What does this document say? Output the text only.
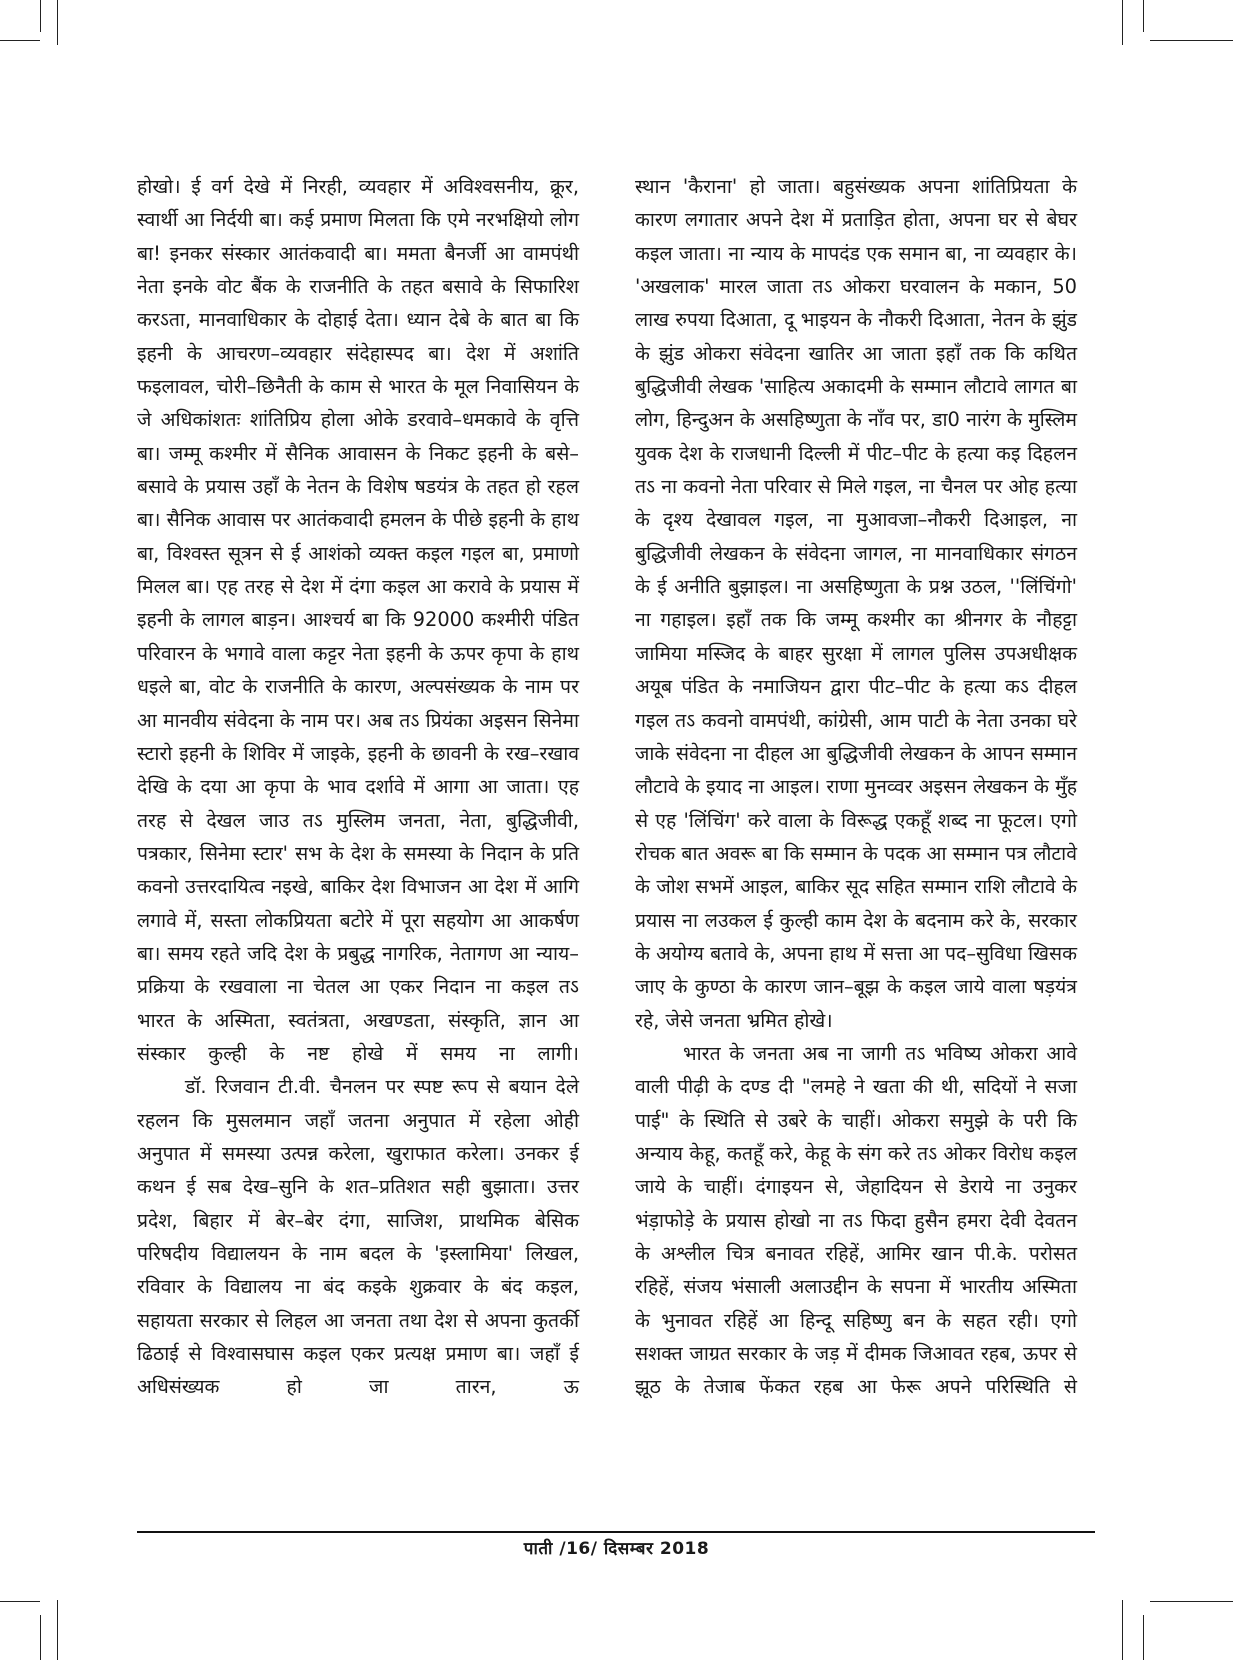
होखो। ई वर्ग देखे में निरही, व्यवहार में अविश्वसनीय, क्रूर, स्वार्थी आ निर्दयी बा। कई प्रमाण मिलता कि एमे नरभक्षियो लोग बा! इनकर संस्कार आतंकवादी बा। ममता बैनर्जी आ वामपंथी नेता इनके वोट बैंक के राजनीति के तहत बसावे के सिफारिश करऽता, मानवाधिकार के दोहाई देता। ध्यान देबे के बात बा कि इहनी के आचरण–व्यवहार संदेहास्पद बा। देश में अशांति फइलावल, चोरी–छिनैती के काम से भारत के मूल निवासियन के जे अधिकांशतः शांतिप्रिय होला ओके डरवावे–धमकावे के वृत्ति बा। जम्मू कश्मीर में सैनिक आवासन के निकट इहनी के बसे–बसावे के प्रयास उहाँ के नेतन के विशेष षडयंत्र के तहत हो रहल बा। सैनिक आवास पर आतंकवादी हमलन के पीछे इहनी के हाथ बा, विश्वस्त सूत्रन से ई आशंको व्यक्त कइल गइल बा, प्रमाणो मिलल बा। एह तरह से देश में दंगा कइल आ करावे के प्रयास में इहनी के लागल बाड़न। आश्चर्य बा कि 92000 कश्मीरी पंडित परिवारन के भगावे वाला कट्टर नेता इहनी के ऊपर कृपा के हाथ धइले बा, वोट के राजनीति के कारण, अल्पसंख्यक के नाम पर आ मानवीय संवेदना के नाम पर। अब तऽ प्रियंका अइसन सिनेमा स्टारो इहनी के शिविर में जाइके, इहनी के छावनी के रख–रखाव देखि के दया आ कृपा के भाव दर्शावे में आगा आ जाता। एह तरह से देखल जाउ तऽ मुस्लिम जनता, नेता, बुद्धिजीवी, पत्रकार, सिनेमा स्टार' सभ के देश के समस्या के निदान के प्रति कवनो उत्तरदायित्व नइखे, बाकिर देश विभाजन आ देश में आगि लगावे में, सस्ता लोकप्रियता बटोरे में पूरा सहयोग आ आकर्षण बा। समय रहते जदि देश के प्रबुद्ध नागरिक, नेतागण आ न्याय–प्रक्रिया के रखवाला ना चेतल आ एकर निदान ना कइल तऽ भारत के अस्मिता, स्वतंत्रता, अखण्डता, संस्कृति, ज्ञान आ संस्कार कुल्ही के नष्ट होखे में समय ना लागी।

डॉ. रिजवान टी.वी. चैनलन पर स्पष्ट रूप से बयान देले रहलन कि मुसलमान जहाँ जतना अनुपात में रहेला ओही अनुपात में समस्या उत्पन्न करेला, खुराफात करेला। उनकर ई कथन ई सब देख–सुनि के शत–प्रतिशत सही बुझाता। उत्तर प्रदेश, बिहार में बेर–बेर दंगा, साजिश, प्राथमिक बेसिक परिषदीय विद्यालयन के नाम बदल के 'इस्लामिया' लिखल, रविवार के विद्यालय ना बंद कइके शुक्रवार के बंद कइल, सहायता सरकार से लिहल आ जनता तथा देश से अपना कुतर्की ढिठाई से विश्वासघास कइल एकर प्रत्यक्ष प्रमाण बा। जहाँ ई अधिसंख्यक हो जा तारन, ऊ

स्थान 'कैराना' हो जाता। बहुसंख्यक अपना शांतिप्रियता के कारण लगातार अपने देश में प्रताड़ित होता, अपना घर से बेघर कइल जाता। ना न्याय के मापदंड एक समान बा, ना व्यवहार के। 'अखलाक' मारल जाता तऽ ओकरा घरवालन के मकान, 50 लाख रुपया दिआता, दू भाइयन के नौकरी दिआता, नेतन के झुंड के झुंड ओकरा संवेदना खातिर आ जाता इहाँ तक कि कथित बुद्धिजीवी लेखक 'साहित्य अकादमी के सम्मान लौटावे लागत बा लोग, हिन्दुअन के असहिष्णुता के नाँव पर, डा0 नारंग के मुस्लिम युवक देश के राजधानी दिल्ली में पीट–पीट के हत्या कइ दिहलन तऽ ना कवनो नेता परिवार से मिले गइल, ना चैनल पर ओह हत्या के दृश्य देखावल गइल, ना मुआवजा–नौकरी दिआइल, ना बुद्धिजीवी लेखकन के संवेदना जागल, ना मानवाधिकार संगठन के ई अनीति बुझाइल। ना असहिष्णुता के प्रश्न उठल, ''लिंचिंगो' ना गहाइल। इहाँ तक कि जम्मू कश्मीर का श्रीनगर के नौहट्टा जामिया मस्जिद के बाहर सुरक्षा में लागल पुलिस उपअधीक्षक अयूब पंडित के नमाजियन द्वारा पीट–पीट के हत्या कऽ दीहल गइल तऽ कवनो वामपंथी, कांग्रेसी, आम पाटी के नेता उनका घरे जाके संवेदना ना दीहल आ बुद्धिजीवी लेखकन के आपन सम्मान लौटावे के इयाद ना आइल। राणा मुनव्वर अइसन लेखकन के मुँह से एह 'लिंचिंग' करे वाला के विरूद्ध एकहूँ शब्द ना फूटल। एगो रोचक बात अवरू बा कि सम्मान के पदक आ सम्मान पत्र लौटावे के जोश सभमें आइल, बाकिर सूद सहित सम्मान राशि लौटावे के प्रयास ना लउकल ई कुल्ही काम देश के बदनाम करे के, सरकार के अयोग्य बतावे के, अपना हाथ में सत्ता आ पद–सुविधा खिसक जाए के कुण्ठा के कारण जान–बूझ के कइल जाये वाला षड़यंत्र रहे, जेसे जनता भ्रमित होखे।

भारत के जनता अब ना जागी तऽ भविष्य ओकरा आवे वाली पीढ़ी के दण्ड दी "लमहे ने खता की थी, सदियों ने सजा पाई" के स्थिति से उबरे के चाहीं। ओकरा समुझे के परी कि अन्याय केहू, कतहूँ करे, केहू के संग करे तऽ ओकर विरोध कइल जाये के चाहीं। दंगाइयन से, जेहादियन से डेराये ना उनुकर भंड़ाफोड़े के प्रयास होखो ना तऽ फिदा हुसैन हमरा देवी देवतन के अश्लील चित्र बनावत रहिहें, आमिर खान पी.के. परोसत रहिहें, संजय भंसाली अलाउद्दीन के सपना में भारतीय अस्मिता के भुनावत रहिहें आ हिन्दू सहिष्णु बन के सहत रही। एगो सशक्त जाग्रत सरकार के जड़ में दीमक जिआवत रहब, ऊपर से झूठ के तेजाब फेंकत रहब आ फेरू अपने परिस्थिति से

पाती /16/ दिसम्बर 2018
